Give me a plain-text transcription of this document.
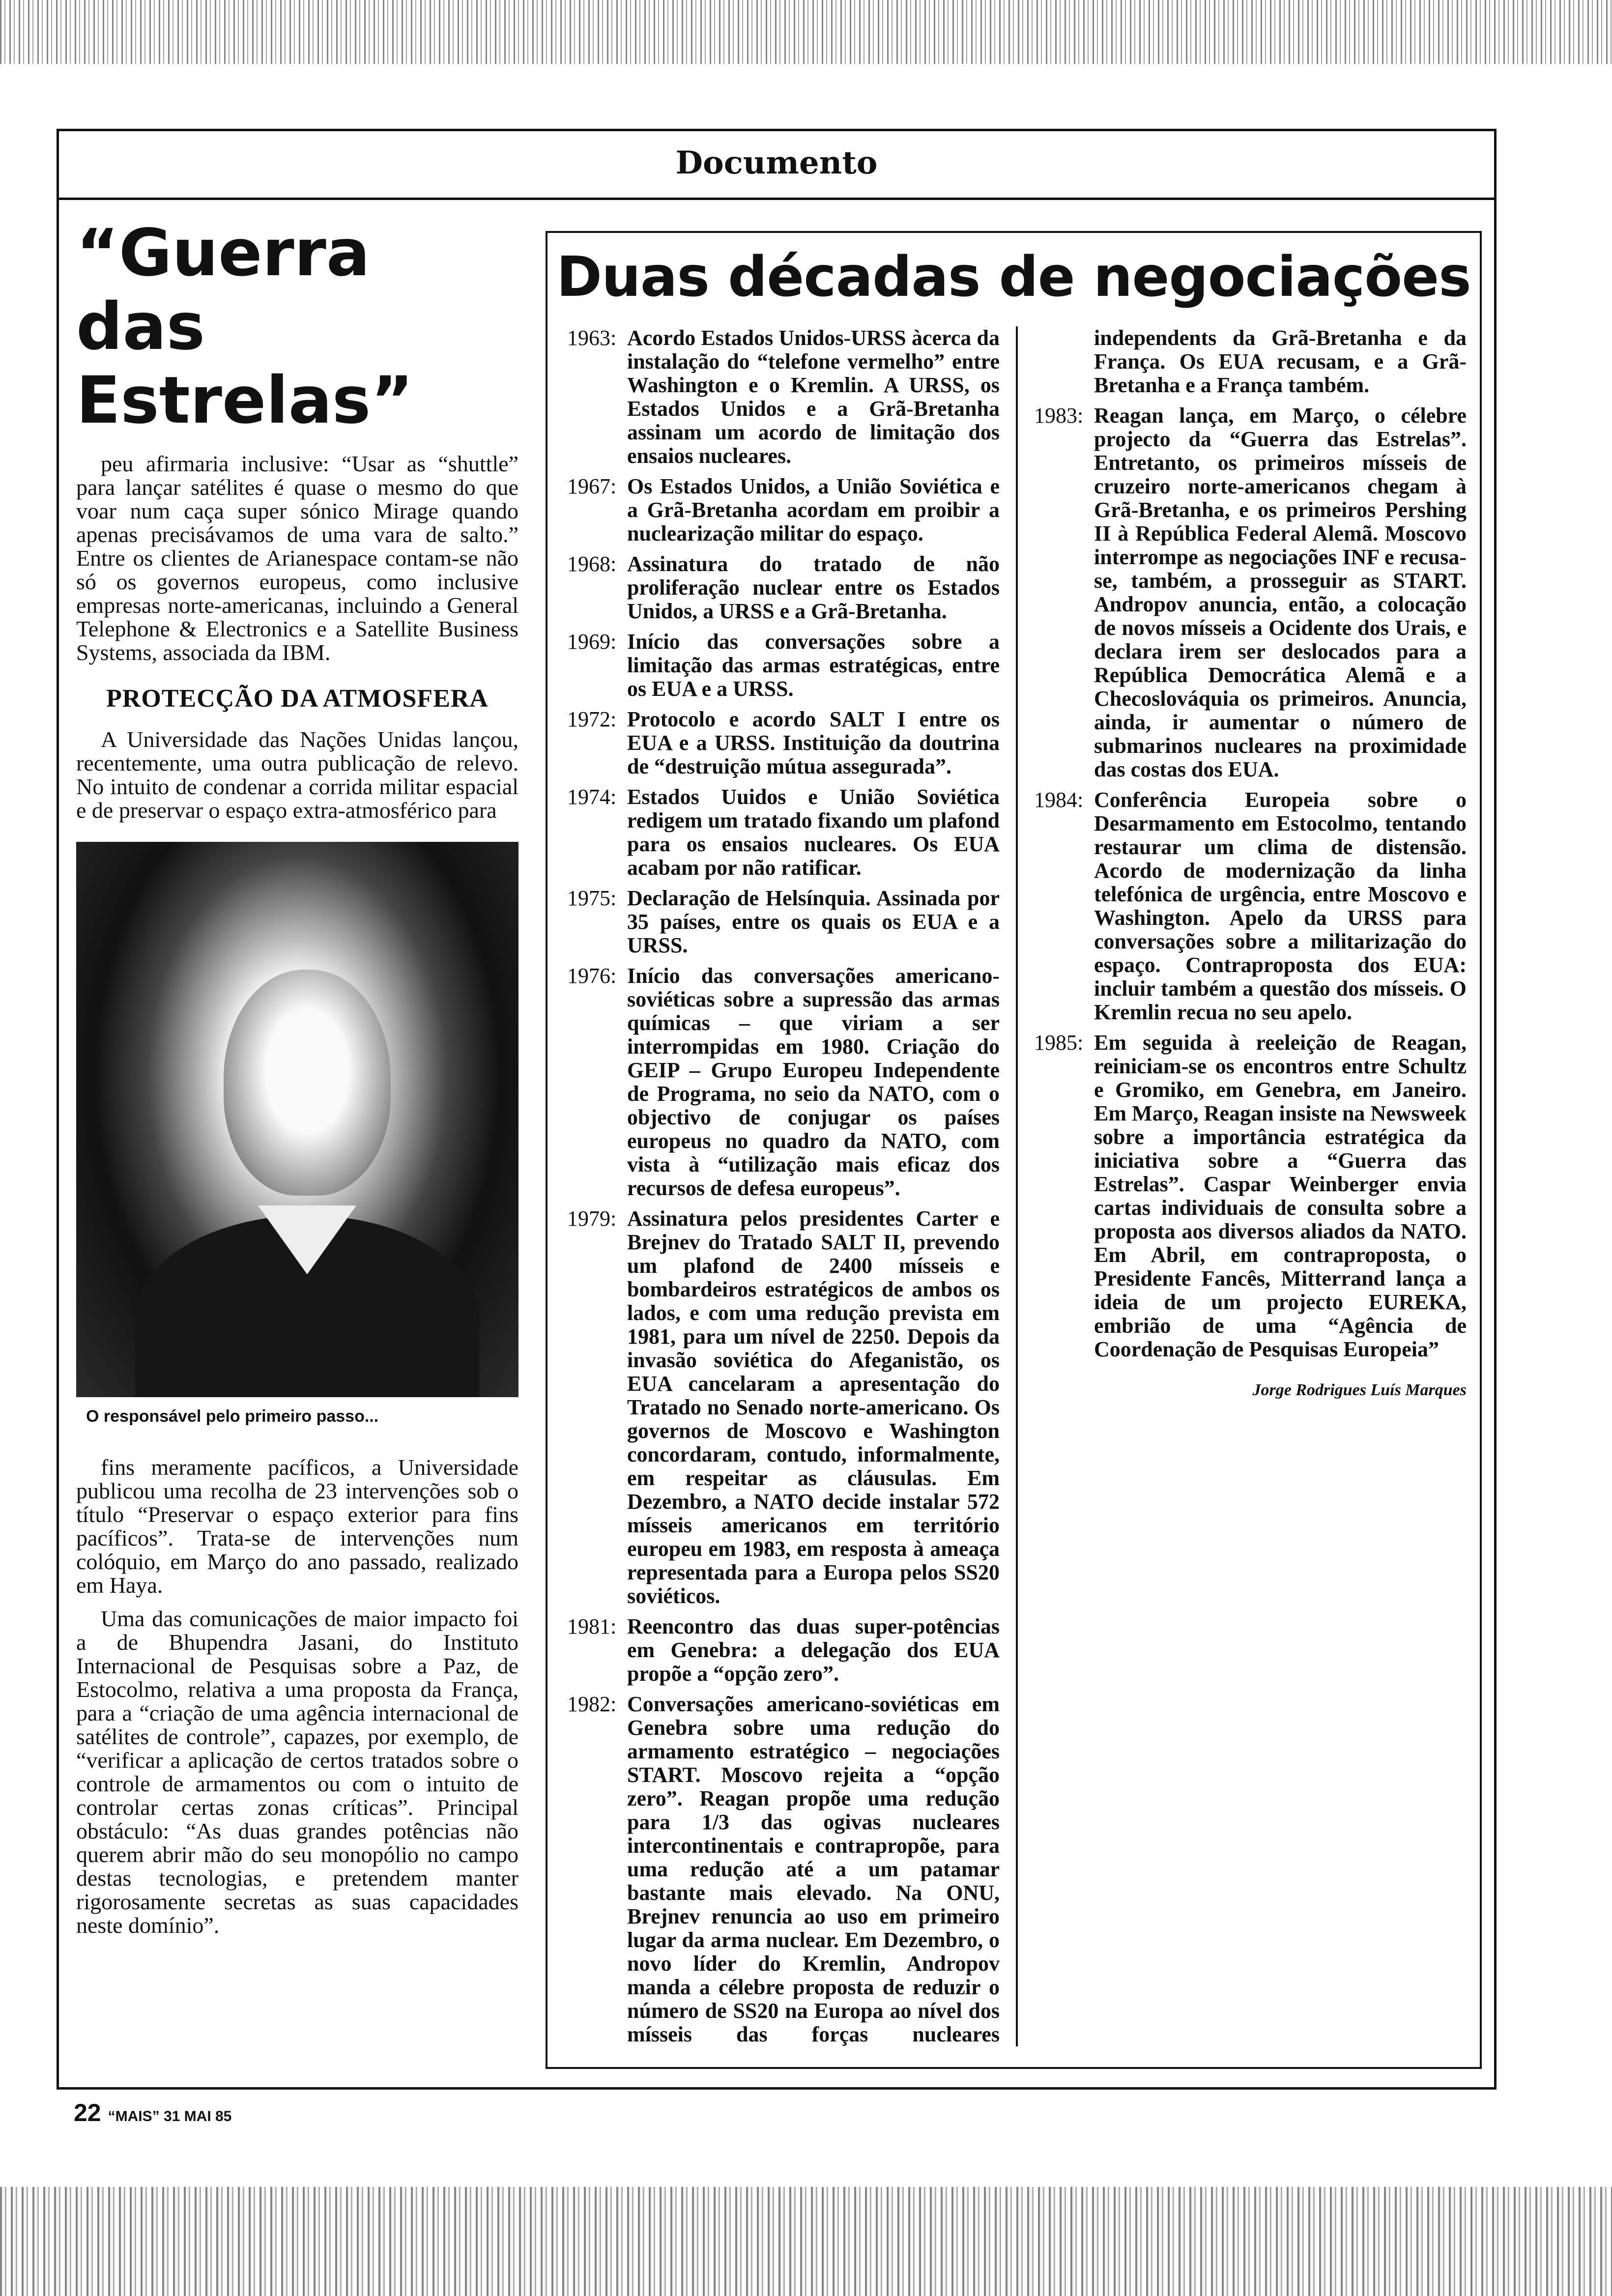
Documento
“Guerra das Estrelas”

peu afirmaria inclusive: “Usar as “shuttle” para lançar satélites é quase o mesmo do que voar num caça super sónico Mirage quando apenas precisávamos de uma vara de salto.” Entre os clientes de Arianespace contam-se não só os governos europeus, como inclusive empresas norte-americanas, incluindo a General Telephone & Electronics e a Satellite Business Systems, associada da IBM.

PROTECÇÃO DA ATMOSFERA

A Universidade das Nações Unidas lançou, recentemente, uma outra publicação de relevo. No intuito de condenar a corrida militar espacial e de preservar o espaço extra-atmosférico para

O responsável pelo primeiro passo...

fins meramente pacíficos, a Universidade publicou uma recolha de 23 intervenções sob o título “Preservar o espaço exterior para fins pacíficos”. Trata-se de intervenções num colóquio, em Março do ano passado, realizado em Haya.

Uma das comunicações de maior impacto foi a de Bhupendra Jasani, do Instituto Internacional de Pesquisas sobre a Paz, de Estocolmo, relativa a uma proposta da França, para a “criação de uma agência internacional de satélites de controle”, capazes, por exemplo, de “verificar a aplicação de certos tratados sobre o controle de armamentos ou com o intuito de controlar certas zonas críticas”. Principal obstáculo: “As duas grandes potências não querem abrir mão do seu monopólio no campo destas tecnologias, e pretendem manter rigorosamente secretas as suas capacidades neste domínio”.

Duas décadas de negociações
1963: Acordo Estados Unidos-URSS àcerca da instalação do “telefone vermelho” entre Washington e o Kremlin. A URSS, os Estados Unidos e a Grã-Bretanha assinam um acordo de limitação dos ensaios nucleares.
1967: Os Estados Unidos, a União Soviética e a Grã-Bretanha acordam em proibir a nuclearização militar do espaço.
1968: Assinatura do tratado de não proliferação nuclear entre os Estados Unidos, a URSS e a Grã-Bretanha.
1969: Início das conversações sobre a limitação das armas estratégicas, entre os EUA e a URSS.
1972: Protocolo e acordo SALT I entre os EUA e a URSS. Instituição da doutrina de “destruição mútua assegurada”.
1974: Estados Uuidos e União Soviética redigem um tratado fixando um plafond para os ensaios nucleares. Os EUA acabam por não ratificar.
1975: Declaração de Helsínquia. Assinada por 35 países, entre os quais os EUA e a URSS.
1976: Início das conversações americano-soviéticas sobre a supressão das armas químicas – que viriam a ser interrompidas em 1980. Criação do GEIP – Grupo Europeu Independente de Programa, no seio da NATO, com o objectivo de conjugar os países europeus no quadro da NATO, com vista à “utilização mais eficaz dos recursos de defesa europeus”.
1979: Assinatura pelos presidentes Carter e Brejnev do Tratado SALT II, prevendo um plafond de 2400 mísseis e bombardeiros estratégicos de ambos os lados, e com uma redução prevista em 1981, para um nível de 2250. Depois da invasão soviética do Afeganistão, os EUA cancelaram a apresentação do Tratado no Senado norte-americano. Os governos de Moscovo e Washington concordaram, contudo, informalmente, em respeitar as cláusulas. Em Dezembro, a NATO decide instalar 572 mísseis americanos em território europeu em 1983, em resposta à ameaça representada para a Europa pelos SS20 soviéticos.
1981: Reencontro das duas super-potências em Genebra: a delegação dos EUA propõe a “opção zero”.
1982: Conversações americano-soviéticas em Genebra sobre uma redução do armamento estratégico – negociações START. Moscovo rejeita a “opção zero”. Reagan propõe uma redução para 1/3 das ogivas nucleares intercontinentais e contrapropõe, para uma redução até a um patamar bastante mais elevado. Na ONU, Brejnev renuncia ao uso em primeiro lugar da arma nuclear. Em Dezembro, o novo líder do Kremlin, Andropov manda a célebre proposta de reduzir o número de SS20 na Europa ao nível dos mísseis das forças nucleares independents da Grã-Bretanha e da França. Os EUA recusam, e a Grã-Bretanha e a França também.
1983: Reagan lança, em Março, o célebre projecto da “Guerra das Estrelas”. Entretanto, os primeiros mísseis de cruzeiro norte-americanos chegam à Grã-Bretanha, e os primeiros Pershing II à República Federal Alemã. Moscovo interrompe as negociações INF e recusa-se, também, a prosseguir as START. Andropov anuncia, então, a colocação de novos mísseis a Ocidente dos Urais, e declara irem ser deslocados para a República Democrática Alemã e a Checoslováquia os primeiros. Anuncia, ainda, ir aumentar o número de submarinos nucleares na proximidade das costas dos EUA.
1984: Conferência Europeia sobre o Desarmamento em Estocolmo, tentando restaurar um clima de distensão. Acordo de modernização da linha telefónica de urgência, entre Moscovo e Washington. Apelo da URSS para conversações sobre a militarização do espaço. Contraproposta dos EUA: incluir também a questão dos mísseis. O Kremlin recua no seu apelo.
1985: Em seguida à reeleição de Reagan, reiniciam-se os encontros entre Schultz e Gromiko, em Genebra, em Janeiro. Em Março, Reagan insiste na Newsweek sobre a importância estratégica da iniciativa sobre a “Guerra das Estrelas”. Caspar Weinberger envia cartas individuais de consulta sobre a proposta aos diversos aliados da NATO. Em Abril, em contraproposta, o Presidente Fancês, Mitterrand lança a ideia de um projecto EUREKA, embrião de uma “Agência de Coordenação de Pesquisas Europeia”
Jorge Rodrigues Luís Marques
22 “MAIS” 31 MAI 85
